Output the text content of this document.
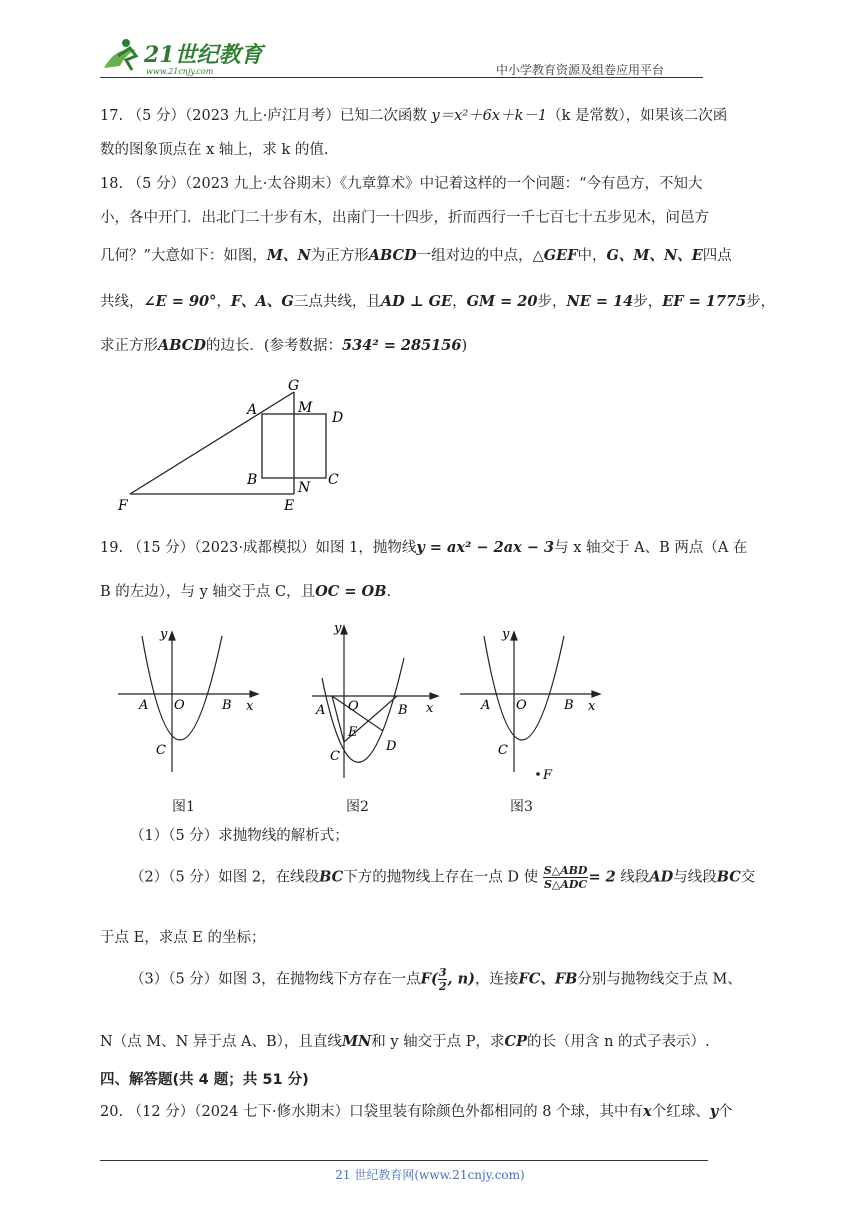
21世纪教育
www.21cnjy.com	中小学教育资源及组卷应用平台
17. （5 分）（2023 九上·庐江月考）已知二次函数 y＝x²＋6x＋k－1（k 是常数），如果该二次函
数的图象顶点在 x 轴上，求 k 的值.
18. （5 分）（2023 九上·太谷期末）《九章算术》中记着这样的一个问题：“今有邑方，不知大
小，各中开门．出北门二十步有木，出南门一十四步，折而西行一千七百七十五步见木，问邑方
几何？”大意如下：如图，M、N为正方形ABCD一组对边的中点，△GEF中，G、M、N、E四点
共线，∠E = 90°，F、A、G三点共线，且AD ⊥ GE，GM = 20步，NE = 14步，EF = 1775步，
求正方形ABCD的边长．(参考数据：534² = 285156)
G
A	M
D
B	N C
F	E
19. （15 分）（2023·成都模拟）如图 1，抛物线y = ax² − 2ax − 3与 x 轴交于 A、B 两点（A 在
B 的左边），与 y 轴交于点 C，且OC = OB.
y
x
A O	B
C
图1
y
x
A O	B
E
D
C
图2
y
x
A O	B
C
F
图3
（1）（5 分）求抛物线的解析式；
（2）（5 分）如图 2，在线段BC下方的抛物线上存在一点 D 使 S△ABD
S△ADC = 2 线段AD与线段BC交
于点 E，求点 E 的坐标；
（3）（5 分）如图 3，在抛物线下方存在一点$F( \frac{3}{2}$ , n)，连接FC、FB分别与抛物线交于点 M、
N（点 M、N 异于点 A、B），且直线MN和 y 轴交于点 P，求CP的长（用含 n 的式子表示）.
四、解答题(共 4 题；共 51 分)
20. （12 分）（2024 七下·修水期末）口袋里装有除颜色外都相同的 8 个球，其中有x个红球、y个
21 世纪教育网(www.21cnjy.com)
